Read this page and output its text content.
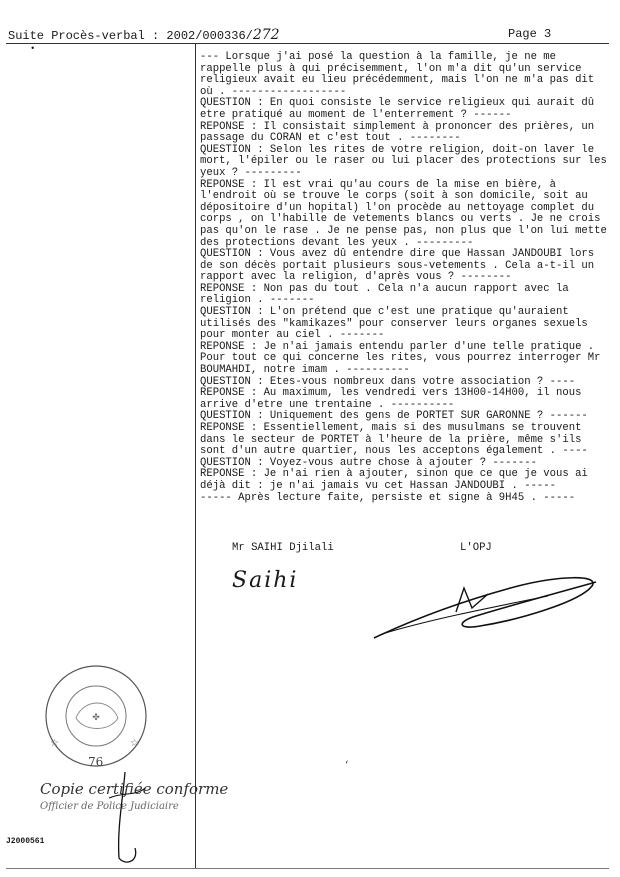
Suite Procès-verbal : 2002/000336/272	Page 3
•
--- Lorsque j'ai posé la question à la famille, je ne me
rappelle plus à qui précisemment, l'on m'a dit qu'un service
religieux avait eu lieu précédemment, mais l'on ne m'a pas dit
où . ------------------
QUESTION : En quoi consiste le service religieux qui aurait dû
etre pratiqué au moment de l'enterrement ? ------
REPONSE : Il consistait simplement à prononcer des prières, un
passage du CORAN et c'est tout . --------
QUESTION : Selon les rites de votre religion, doit-on laver le
mort, l'épiler ou le raser ou lui placer des protections sur les
yeux ? ---------
REPONSE : Il est vrai qu'au cours de la mise en bière, à
l'endroit où se trouve le corps (soit à son domicile, soit au
dépositoire d'un hopital) l'on procède au nettoyage complet du
corps , on l'habille de vetements blancs ou verts . Je ne crois
pas qu'on le rase . Je ne pense pas, non plus que l'on lui mette
des protections devant les yeux . ---------
QUESTION : Vous avez dû entendre dire que Hassan JANDOUBI lors
de son décès portait plusieurs sous-vetements . Cela a-t-il un
rapport avec la religion, d'après vous ? --------
REPONSE : Non pas du tout . Cela n'a aucun rapport avec la
religion . -------
QUESTION : L'on prétend que c'est une pratique qu'auraient
utilisés des "kamikazes" pour conserver leurs organes sexuels
pour monter au ciel . -------
REPONSE : Je n'ai jamais entendu parler d'une telle pratique .
Pour tout ce qui concerne les rites, vous pourrez interroger Mr
BOUMAHDI, notre imam . ----------
QUESTION : Etes-vous nombreux dans votre association ? ----
REPONSE : Au maximum, les vendredi vers 13H00-14H00, il nous
arrive d'etre une trentaine . ----------
QUESTION : Uniquement des gens de PORTET SUR GARONNE ? ------
REPONSE : Essentiellement, mais si des musulmans se trouvent
dans le secteur de PORTET à l'heure de la prière, même s'ils
sont d'un autre quartier, nous les acceptons également . ----
QUESTION : Voyez-vous autre chose à ajouter ? -------
REPONSE : Je n'ai rien à ajouter, sinon que ce que je vous ai
déjà dit : je n'ai jamais vu cet Hassan JANDOUBI . -----
----- Après lecture faite, persiste et signe à 9H45 . -----
Mr SAIHI Djilali	L'OPJ
Saihi
✤
☆	☆
76
Copie certifiée conforme
Officier de Police Judiciaire
J2000561
‘
